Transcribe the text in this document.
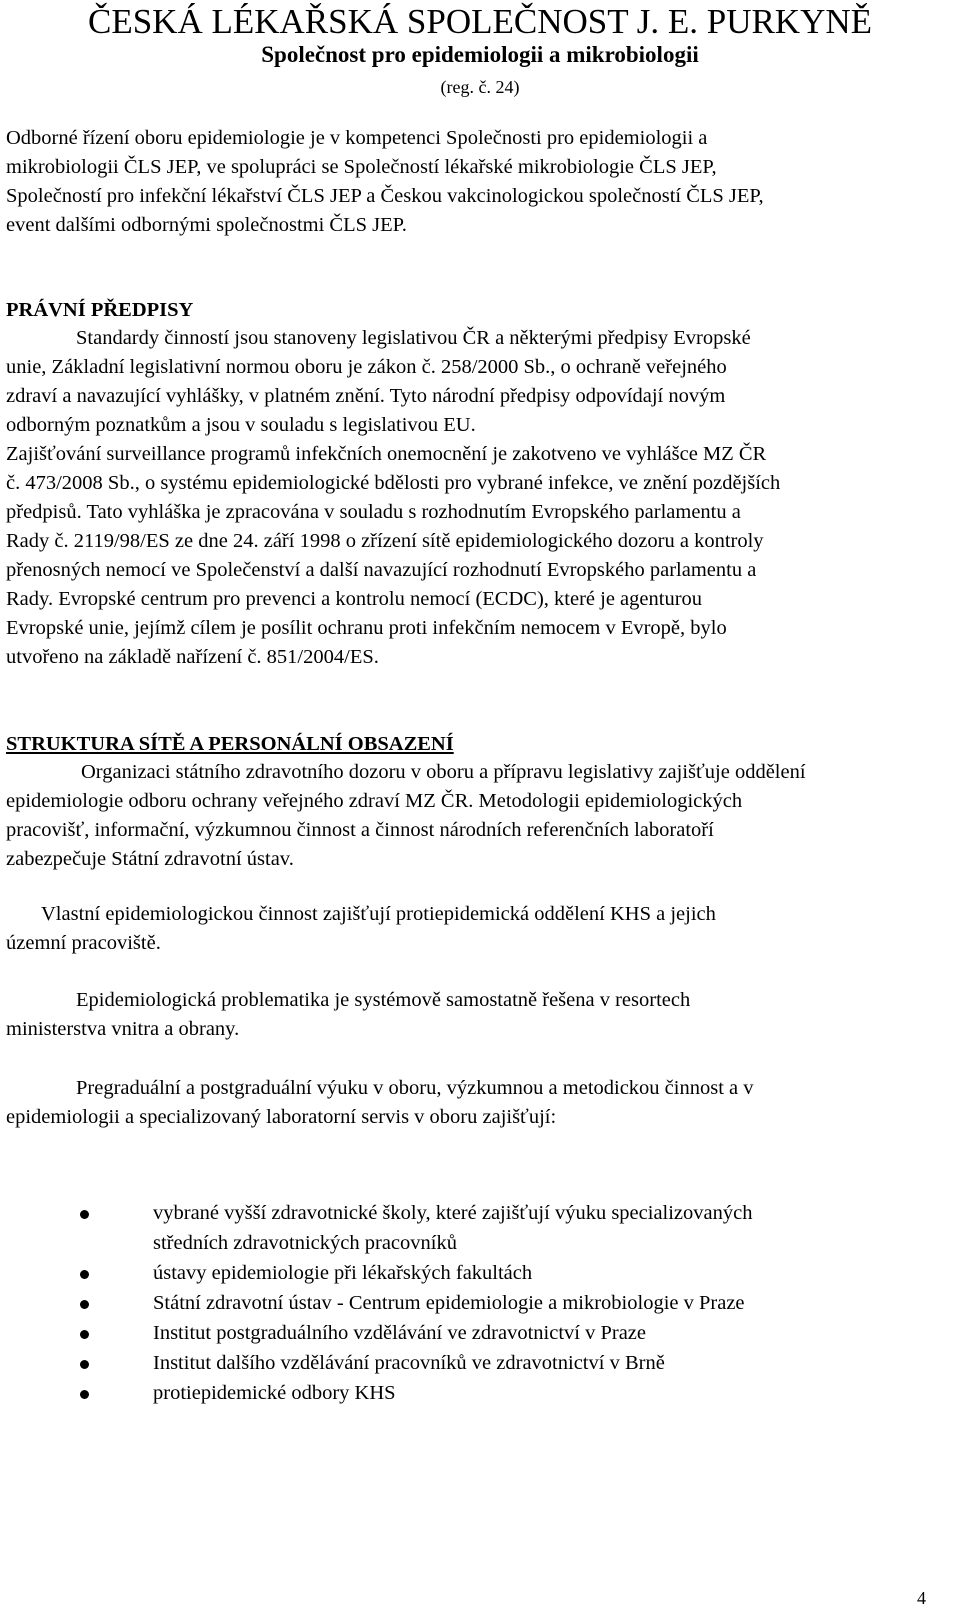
ČESKÁ LÉKAŘSKÁ SPOLEČNOST J. E. PURKYNĚ
Společnost pro epidemiologii a mikrobiologii
(reg. č. 24)

Odborné řízení oboru epidemiologie je v kompetenci Společnosti pro epidemiologii a

mikrobiologii ČLS JEP, ve spolupráci se Společností lékařské mikrobiologie ČLS JEP,

Společností pro infekční lékařství ČLS JEP a Českou vakcinologickou společností ČLS JEP,

event dalšími odbornými společnostmi ČLS JEP.

PRÁVNÍ PŘEDPISY

Standardy činností jsou stanoveny legislativou ČR a některými předpisy Evropské

unie, Základní legislativní normou oboru je zákon č. 258/2000 Sb., o ochraně veřejného

zdraví a navazující vyhlášky, v platném znění. Tyto národní předpisy odpovídají novým

odborným poznatkům a jsou v souladu s legislativou EU.

Zajišťování surveillance programů infekčních onemocnění je zakotveno ve vyhlášce MZ ČR

č. 473/2008 Sb., o systému epidemiologické bdělosti pro vybrané infekce, ve znění pozdějších

předpisů. Tato vyhláška je zpracována v souladu s rozhodnutím Evropského parlamentu a

Rady č. 2119/98/ES ze dne 24. září 1998 o zřízení sítě epidemiologického dozoru a kontroly

přenosných nemocí ve Společenství a další navazující rozhodnutí Evropského parlamentu a

Rady. Evropské centrum pro prevenci a kontrolu nemocí (ECDC), které je agenturou

Evropské unie, jejímž cílem je posílit ochranu proti infekčním nemocem v Evropě, bylo

utvořeno na základě nařízení č. 851/2004/ES.

STRUKTURA SÍTĚ A PERSONÁLNÍ OBSAZENÍ

Organizaci státního zdravotního dozoru v oboru a přípravu legislativy zajišťuje oddělení

epidemiologie odboru ochrany veřejného zdraví MZ ČR. Metodologii epidemiologických

pracovišť, informační, výzkumnou činnost a činnost národních referenčních laboratoří

zabezpečuje Státní zdravotní ústav.

Vlastní epidemiologickou činnost zajišťují protiepidemická oddělení KHS a jejich

územní pracoviště.

Epidemiologická problematika je systémově samostatně řešena v resortech

ministerstva vnitra a obrany.

Pregraduální a postgraduální výuku v oboru, výzkumnou a metodickou činnost a v

epidemiologii a specializovaný laboratorní servis v oboru zajišťují:

vybrané vyšší zdravotnické školy, které zajišťují výuku specializovaných
středních zdravotnických pracovníků
ústavy epidemiologie při lékařských fakultách
Státní zdravotní ústav - Centrum epidemiologie a mikrobiologie v Praze
Institut postgraduálního vzdělávání ve zdravotnictví v Praze
Institut dalšího vzdělávání pracovníků ve zdravotnictví v Brně
protiepidemické odbory KHS
4
